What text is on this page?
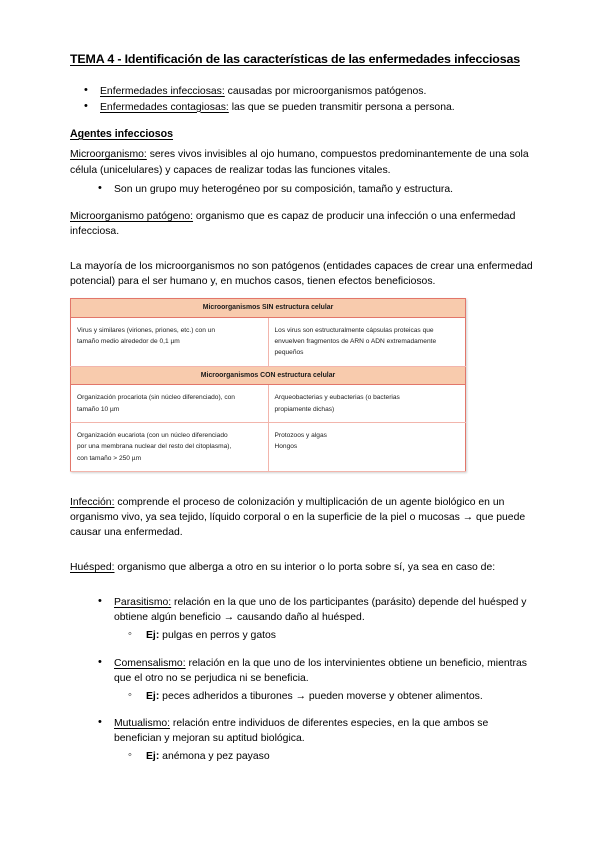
TEMA 4 - Identificación de las características de las enfermedades infecciosas
• Enfermedades infecciosas: causadas por microorganismos patógenos.
• Enfermedades contagiosas: las que se pueden transmitir persona a persona.
Agentes infecciosos

Microorganismo: seres vivos invisibles al ojo humano, compuestos predominantemente de una sola célula (unicelulares) y capaces de realizar todas las funciones vitales.

• Son un grupo muy heterogéneo por su composición, tamaño y estructura.

Microorganismo patógeno: organismo que es capaz de producir una infección o una enfermedad infecciosa.

La mayoría de los microorganismos no son patógenos (entidades capaces de crear una enfermedad potencial) para el ser humano y, en muchos casos, tienen efectos beneficiosos.

Microorganismos SIN estructura celular	

Virus y similares (viriones, priones, etc.) con un
tamaño medio alrededor de 0,1 µm	Los virus son estructuralmente cápsulas proteicas que
envuelven fragmentos de ARN o ADN extremadamente
pequeños

Microorganismos CON estructura celular	

Organización procariota (sin núcleo diferenciado), con
tamaño 10 µm	Arqueobacterias y eubacterias (o bacterias
propiamente dichas)

Organización eucariota (con un núcleo diferenciado
por una membrana nuclear del resto del citoplasma),
con tamaño > 250 µm	Protozoos y algas
Hongos

Infección: comprende el proceso de colonización y multiplicación de un agente biológico en un organismo vivo, ya sea tejido, líquido corporal o en la superficie de la piel o mucosas → que puede causar una enfermedad.

Huésped: organismo que alberga a otro en su interior o lo porta sobre sí, ya sea en caso de:

• Parasitismo: relación en la que uno de los participantes (parásito) depende del huésped y obtiene algún beneficio → causando daño al huésped.
◦ Ej: pulgas en perros y gatos
• Comensalismo: relación en la que uno de los intervinientes obtiene un beneficio, mientras que el otro no se perjudica ni se beneficia.
◦ Ej: peces adheridos a tiburones → pueden moverse y obtener alimentos.
• Mutualismo: relación entre individuos de diferentes especies, en la que ambos se benefician y mejoran su aptitud biológica.
◦ Ej: anémona y pez payaso
